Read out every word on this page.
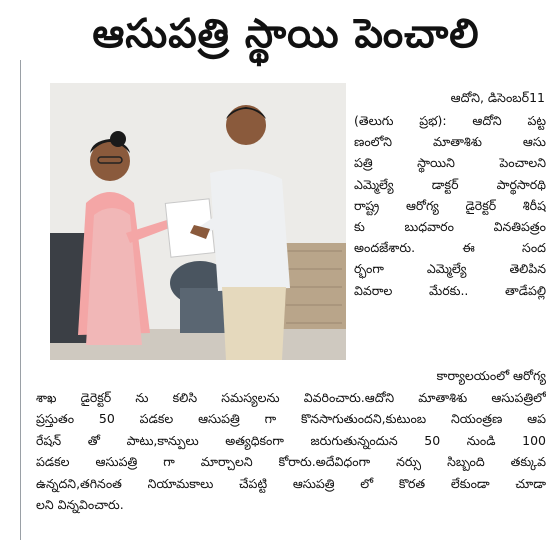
ఆసుపత్రి స్థాయి పెంచాలి
ఆదోని, డిసెంబర్11
(తెలుగు ప్రభ): ఆదోని పట్ట
ణంలోని మాతాశిశు ఆసు
పత్రి స్థాయిని పెంచాలని
ఎమ్మెల్యే డాక్టర్ పార్థసారథి
రాష్ట్ర ఆరోగ్య డైరెక్టర్ శిరీష
కు బుధవారం వినతిపత్రం
అందజేశారు. ఈ సంద
ర్భంగా ఎమ్మెల్యే తెలిపిన
వివరాల మేరకు.. తాడేపల్లి
కార్యాలయంలో ఆరోగ్య
శాఖ డైరెక్టర్ ను కలిసి సమస్యలను వివరించారు.ఆదోని మాతాశిశు ఆసుపత్రిలో
ప్రస్తుతం 50 పడకల ఆసుపత్రి గా కొనసాగుతుందని,కుటుంబ నియంత్రణ ఆప
రేషన్ తో పాటు,కాన్పులు అత్యధికంగా జరుగుతున్నందున 50 నుండి 100
పడకల ఆసుపత్రి గా మార్చాలని కోరారు.అదేవిధంగా నర్సు సిబ్బంది తక్కువ
ఉన్నదని,తగినంత నియామకాలు చేపట్టి ఆసుపత్రి లో కొరత లేకుండా చూడా
లని విన్నవించారు.
